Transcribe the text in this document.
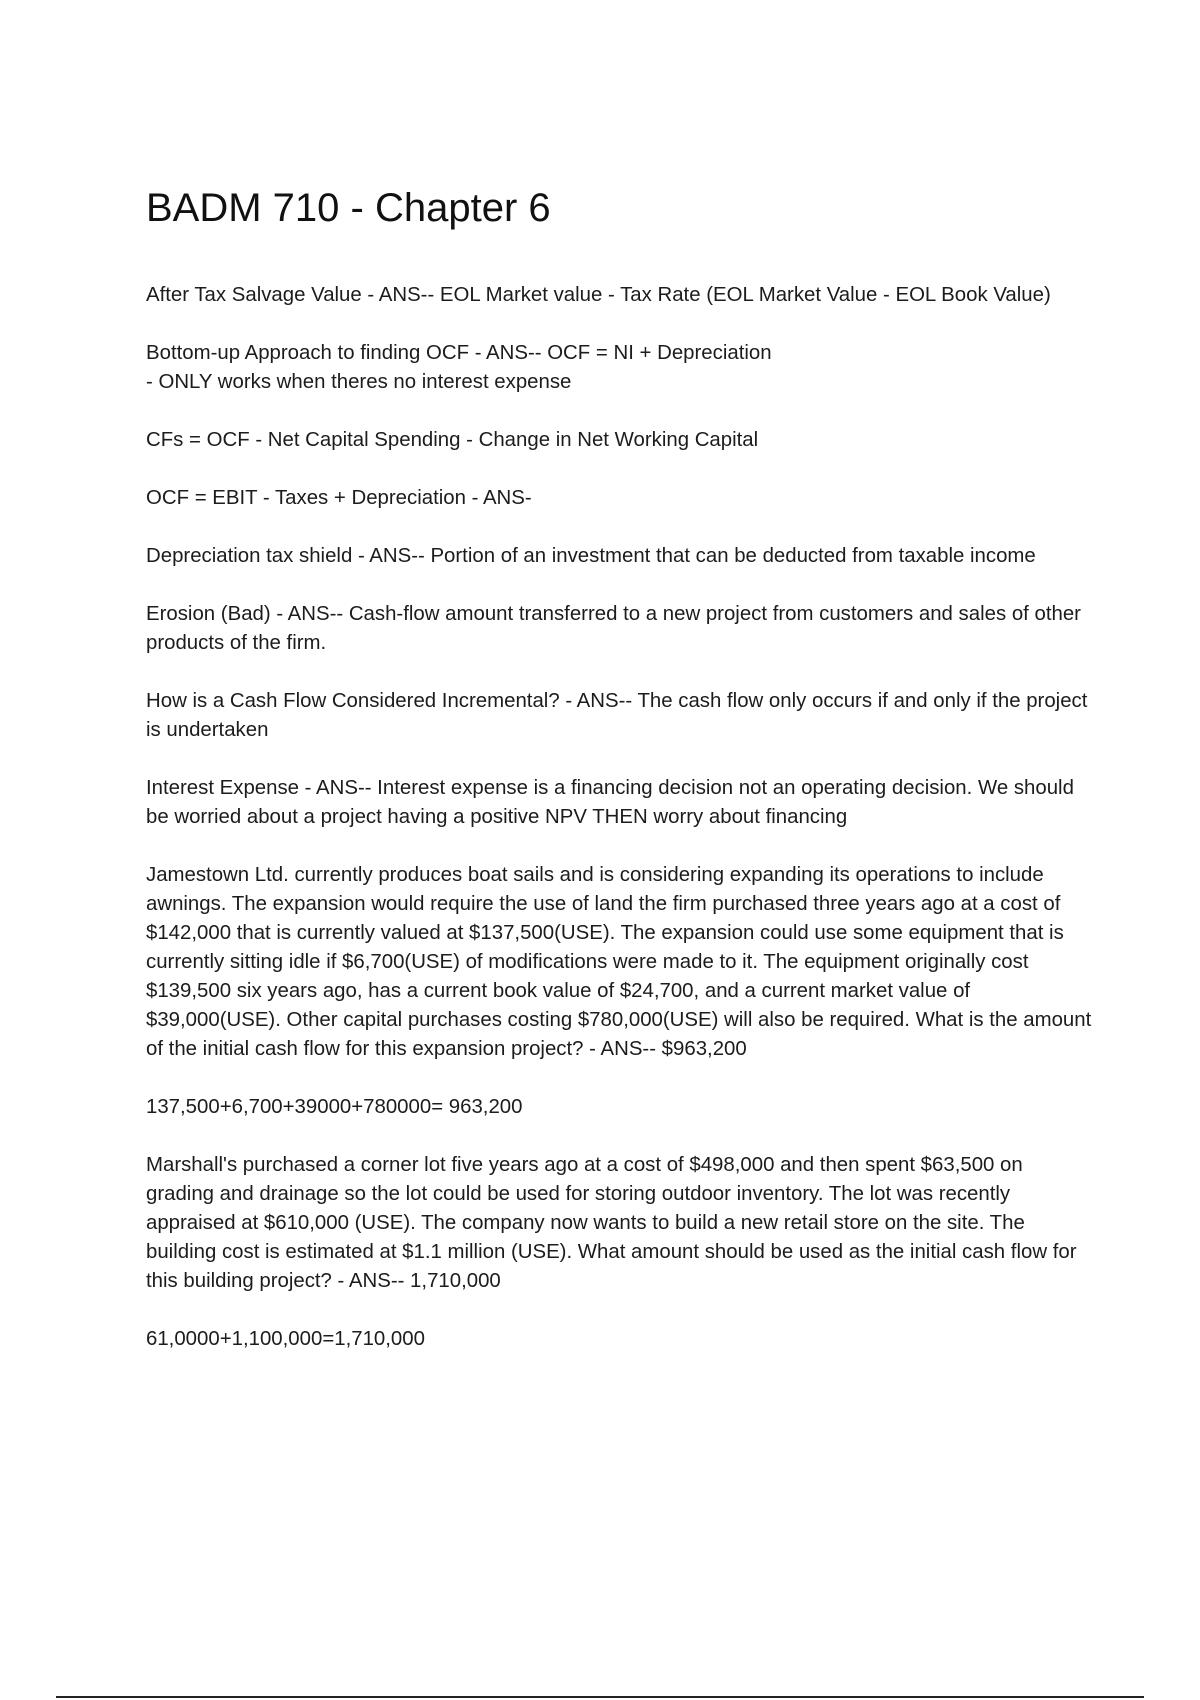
BADM 710 - Chapter 6

After Tax Salvage Value - ANS-- EOL Market value - Tax Rate (EOL Market Value - EOL Book Value)

Bottom-up Approach to finding OCF - ANS-- OCF = NI + Depreciation
- ONLY works when theres no interest expense

CFs = OCF - Net Capital Spending - Change in Net Working Capital

OCF = EBIT - Taxes + Depreciation - ANS-

Depreciation tax shield - ANS-- Portion of an investment that can be deducted from taxable income

Erosion (Bad) - ANS-- Cash-flow amount transferred to a new project from customers and sales of other products of the firm.

How is a Cash Flow Considered Incremental? - ANS-- The cash flow only occurs if and only if the project is undertaken

Interest Expense - ANS-- Interest expense is a financing decision not an operating decision. We should be worried about a project having a positive NPV THEN worry about financing

Jamestown Ltd. currently produces boat sails and is considering expanding its operations to include awnings. The expansion would require the use of land the firm purchased three years ago at a cost of $142,000 that is currently valued at $137,500(USE). The expansion could use some equipment that is currently sitting idle if $6,700(USE) of modifications were made to it. The equipment originally cost $139,500 six years ago, has a current book value of $24,700, and a current market value of $39,000(USE). Other capital purchases costing $780,000(USE) will also be required. What is the amount of the initial cash flow for this expansion project? - ANS-- $963,200

137,500+6,700+39000+780000= 963,200

Marshall's purchased a corner lot five years ago at a cost of $498,000 and then spent $63,500 on grading and drainage so the lot could be used for storing outdoor inventory. The lot was recently appraised at $610,000 (USE). The company now wants to build a new retail store on the site. The building cost is estimated at $1.1 million (USE). What amount should be used as the initial cash flow for this building project? - ANS-- 1,710,000

61,0000+1,100,000=1,710,000
